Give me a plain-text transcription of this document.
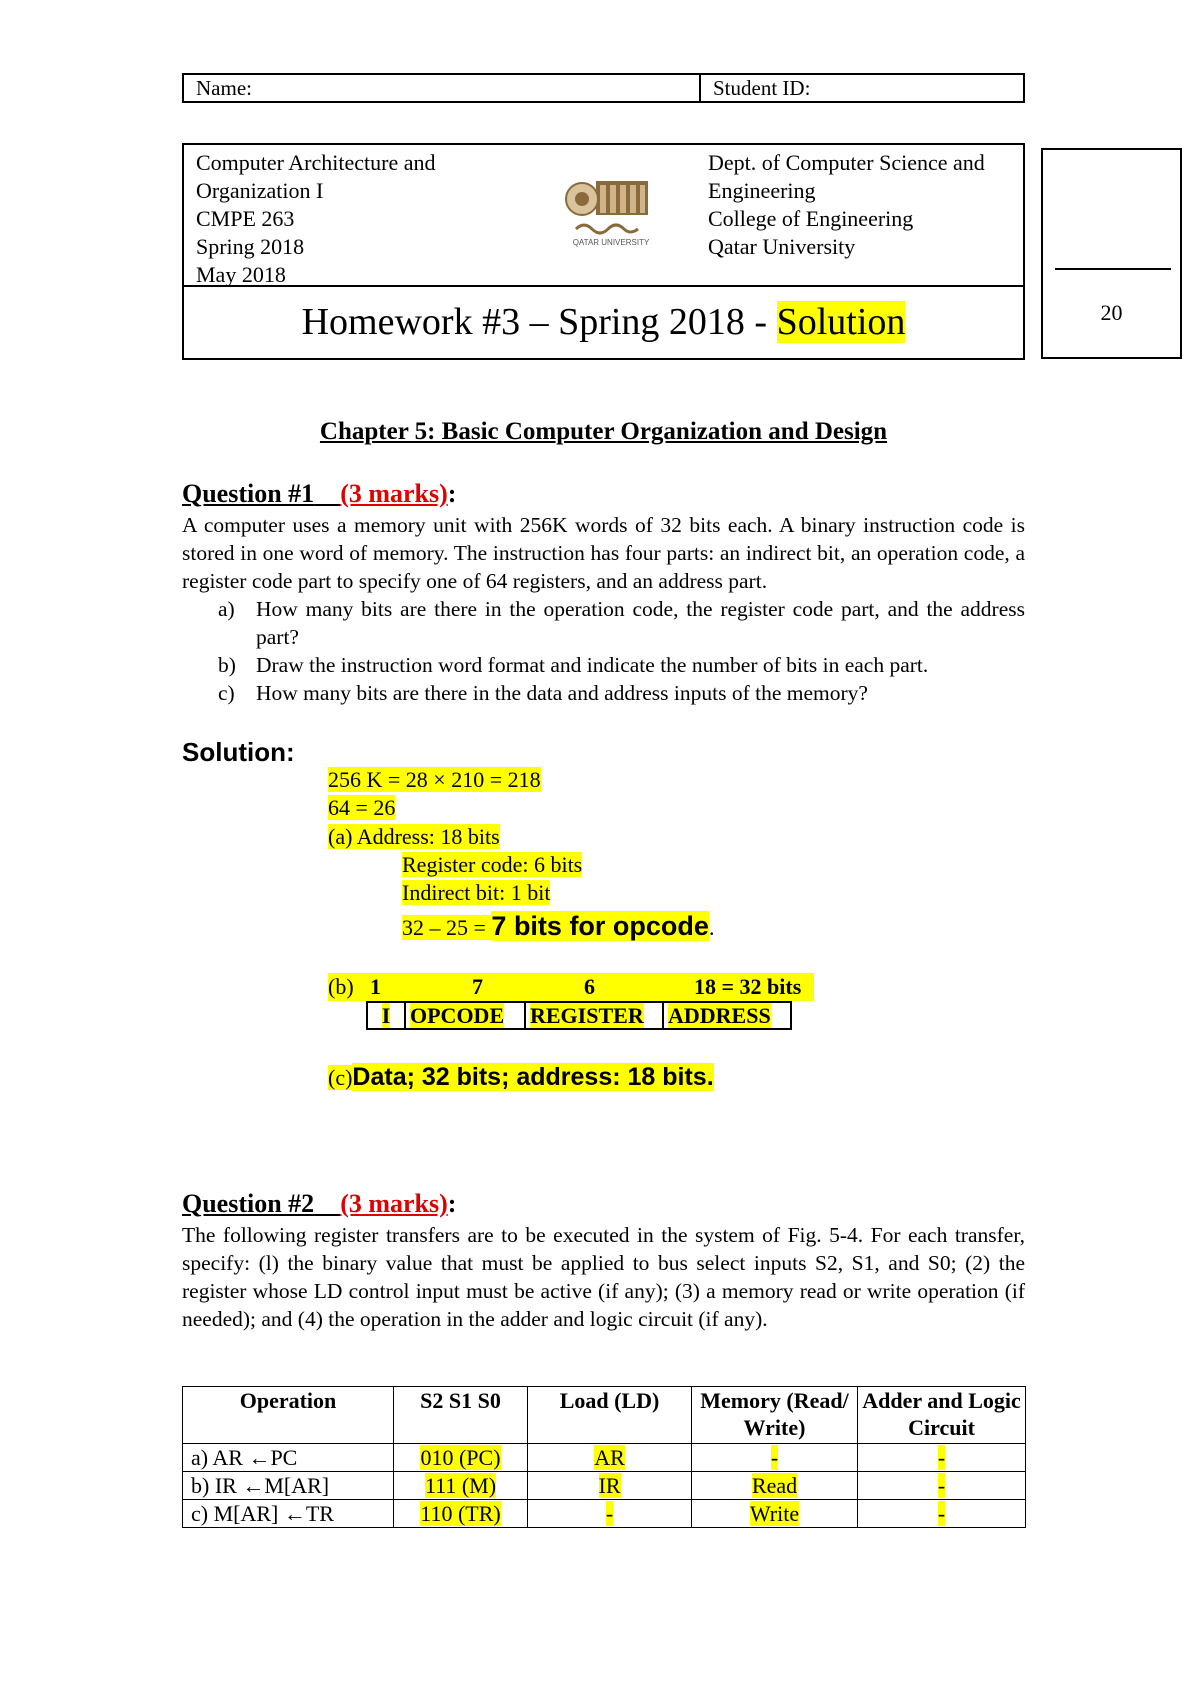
Name:	Student ID:
Computer Architecture and
Organization I
CMPE 263
Spring 2018
May 2018
QATAR UNIVERSITY
Dept. of Computer Science and
Engineering
College of Engineering
Qatar University
Homework #3 – Spring 2018 - Solution	20
Chapter 5: Basic Computer Organization and Design
Question #1 (3 marks):

A computer uses a memory unit with 256K words of 32 bits each. A binary instruction code is stored in one word of memory. The instruction has four parts: an indirect bit, an operation code, a register code part to specify one of 64 registers, and an address part.

a) How many bits are there in the operation code, the register code part, and the address part?
b) Draw the instruction word format and indicate the number of bits in each part.
c) How many bits are there in the data and address inputs of the memory?
Solution:
256 K = 28 × 210 = 218
64 = 26
(a) Address: 18 bits
Register code: 6 bits
Indirect bit: 1 bit
32 – 25 = 7 bits for opcode.
(b) 1	7	6	18 = 32 bits
I	OPCODE	REGISTER	ADDRESS
(c)Data; 32 bits; address: 18 bits.
Question #2 (3 marks):

The following register transfers are to be executed in the system of Fig. 5-4. For each transfer, specify: (l) the binary value that must be applied to bus select inputs S2, S1, and S0; (2) the register whose LD control input must be active (if any); (3) a memory read or write operation (if needed); and (4) the operation in the adder and logic circuit (if any).

Operation	S2 S1 S0	Load (LD)	Memory (Read/ Write)	Adder and Logic Circuit
a) AR ←PC	010 (PC)	AR	-	-
b) IR ←M[AR]	111 (M)	IR	Read	-
c) M[AR] ←TR	110 (TR)	-	Write	-
